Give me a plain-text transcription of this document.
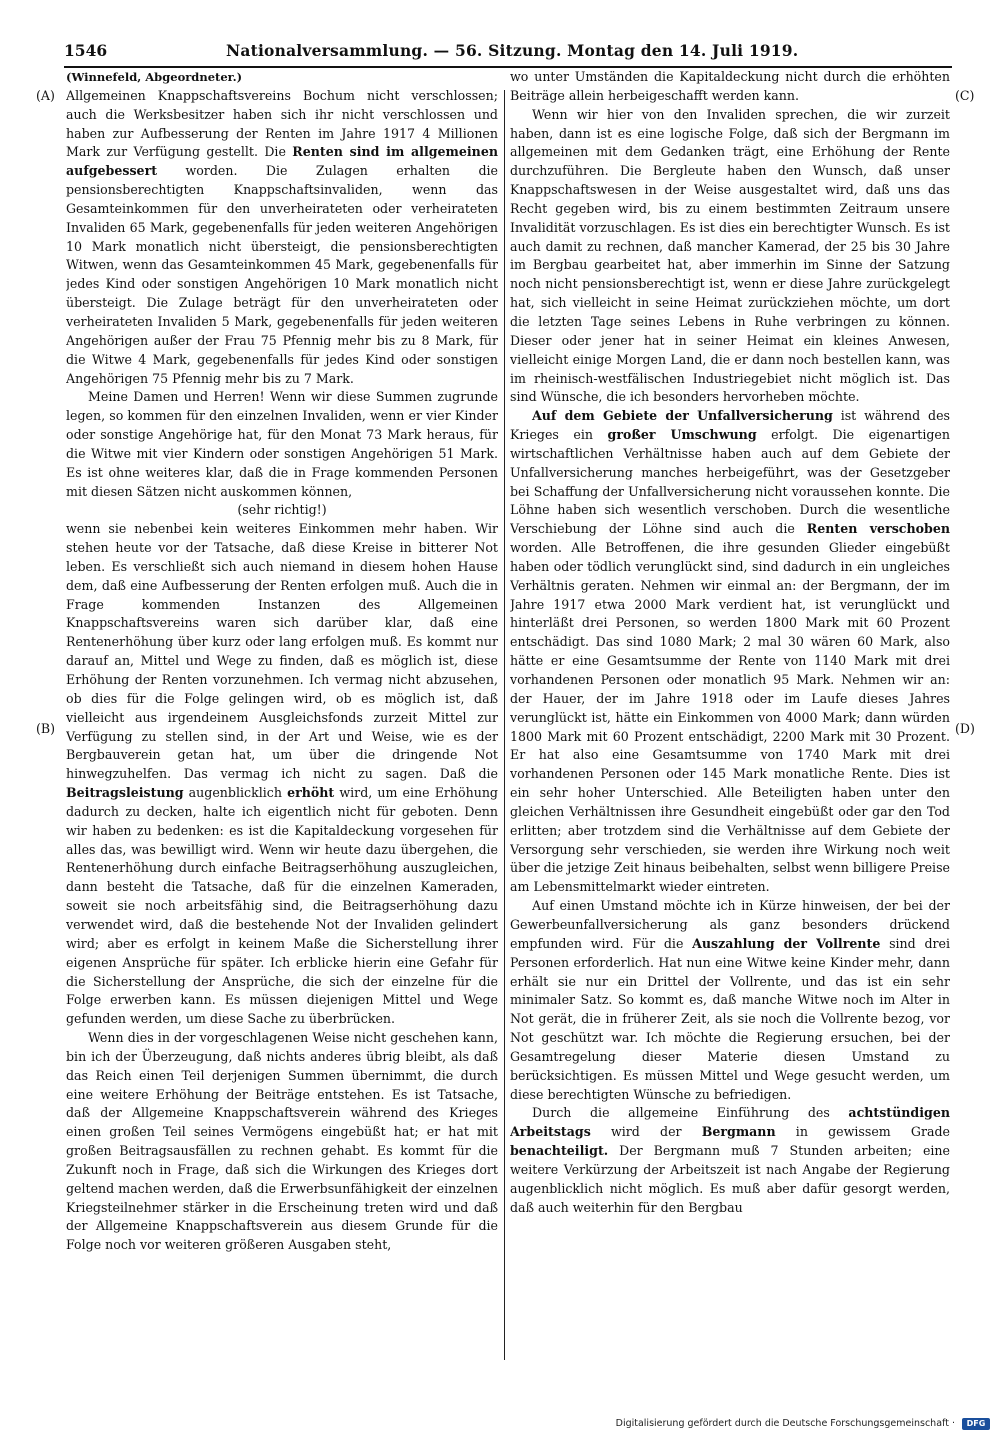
1546	Nationalversammlung. — 56. Sitzung. Montag den 14. Juli 1919.
(A)
(B)
(C)
(D)

(Winnefeld, Abgeordneter.)

Allgemeinen Knappschaftsvereins Bochum nicht verschlossen; auch die Werksbesitzer haben sich ihr nicht verschlossen und haben zur Aufbesserung der Renten im Jahre 1917 4 Millionen Mark zur Verfügung gestellt. Die Renten sind im allgemeinen aufgebessert worden. Die Zulagen erhalten die pensionsberechtigten Knappschaftsinvaliden, wenn das Gesamteinkommen für den unverheirateten oder verheirateten Invaliden 65 Mark, gegebenenfalls für jeden weiteren Angehörigen 10 Mark monatlich nicht übersteigt, die pensionsberechtigten Witwen, wenn das Gesamteinkommen 45 Mark, gegebenenfalls für jedes Kind oder sonstigen Angehörigen 10 Mark monatlich nicht übersteigt. Die Zulage beträgt für den unverheirateten oder verheirateten Invaliden 5 Mark, gegebenenfalls für jeden weiteren Angehörigen außer der Frau 75 Pfennig mehr bis zu 8 Mark, für die Witwe 4 Mark, gegebenenfalls für jedes Kind oder sonstigen Angehörigen 75 Pfennig mehr bis zu 7 Mark.

Meine Damen und Herren! Wenn wir diese Summen zugrunde legen, so kommen für den einzelnen Invaliden, wenn er vier Kinder oder sonstige Angehörige hat, für den Monat 73 Mark heraus, für die Witwe mit vier Kindern oder sonstigen Angehörigen 51 Mark. Es ist ohne weiteres klar, daß die in Frage kommenden Personen mit diesen Sätzen nicht auskommen können,

(sehr richtig!)

wenn sie nebenbei kein weiteres Einkommen mehr haben. Wir stehen heute vor der Tatsache, daß diese Kreise in bitterer Not leben. Es verschließt sich auch niemand in diesem hohen Hause dem, daß eine Aufbesserung der Renten erfolgen muß. Auch die in Frage kommenden Instanzen des Allgemeinen Knappschaftsvereins waren sich darüber klar, daß eine Rentenerhöhung über kurz oder lang erfolgen muß. Es kommt nur darauf an, Mittel und Wege zu finden, daß es möglich ist, diese Erhöhung der Renten vorzunehmen. Ich vermag nicht abzusehen, ob dies für die Folge gelingen wird, ob es möglich ist, daß vielleicht aus irgendeinem Ausgleichsfonds zurzeit Mittel zur Verfügung zu stellen sind, in der Art und Weise, wie es der Bergbauverein getan hat, um über die dringende Not hinwegzuhelfen. Das vermag ich nicht zu sagen. Daß die Beitragsleistung augenblicklich erhöht wird, um eine Erhöhung dadurch zu decken, halte ich eigentlich nicht für geboten. Denn wir haben zu bedenken: es ist die Kapitaldeckung vorgesehen für alles das, was bewilligt wird. Wenn wir heute dazu übergehen, die Rentenerhöhung durch einfache Beitragserhöhung auszugleichen, dann besteht die Tatsache, daß für die einzelnen Kameraden, soweit sie noch arbeitsfähig sind, die Beitragserhöhung dazu verwendet wird, daß die bestehende Not der Invaliden gelindert wird; aber es erfolgt in keinem Maße die Sicherstellung ihrer eigenen Ansprüche für später. Ich erblicke hierin eine Gefahr für die Sicherstellung der Ansprüche, die sich der einzelne für die Folge erwerben kann. Es müssen diejenigen Mittel und Wege gefunden werden, um diese Sache zu überbrücken.

Wenn dies in der vorgeschlagenen Weise nicht geschehen kann, bin ich der Überzeugung, daß nichts anderes übrig bleibt, als daß das Reich einen Teil derjenigen Summen übernimmt, die durch eine weitere Erhöhung der Beiträge entstehen. Es ist Tatsache, daß der Allgemeine Knappschaftsverein während des Krieges einen großen Teil seines Vermögens eingebüßt hat; er hat mit großen Beitragsausfällen zu rechnen gehabt. Es kommt für die Zukunft noch in Frage, daß sich die Wirkungen des Krieges dort geltend machen werden, daß die Erwerbsunfähigkeit der einzelnen Kriegsteilnehmer stärker in die Erscheinung treten wird und daß der Allgemeine Knappschaftsverein aus diesem Grunde für die Folge noch vor weiteren größeren Ausgaben steht,

wo unter Umständen die Kapitaldeckung nicht durch die erhöhten Beiträge allein herbeigeschafft werden kann.

Wenn wir hier von den Invaliden sprechen, die wir zurzeit haben, dann ist es eine logische Folge, daß sich der Bergmann im allgemeinen mit dem Gedanken trägt, eine Erhöhung der Rente durchzuführen. Die Bergleute haben den Wunsch, daß unser Knappschaftswesen in der Weise ausgestaltet wird, daß uns das Recht gegeben wird, bis zu einem bestimmten Zeitraum unsere Invalidität vorzuschlagen. Es ist dies ein berechtigter Wunsch. Es ist auch damit zu rechnen, daß mancher Kamerad, der 25 bis 30 Jahre im Bergbau gearbeitet hat, aber immerhin im Sinne der Satzung noch nicht pensionsberechtigt ist, wenn er diese Jahre zurückgelegt hat, sich vielleicht in seine Heimat zurückziehen möchte, um dort die letzten Tage seines Lebens in Ruhe verbringen zu können. Dieser oder jener hat in seiner Heimat ein kleines Anwesen, vielleicht einige Morgen Land, die er dann noch bestellen kann, was im rheinisch-westfälischen Industriegebiet nicht möglich ist. Das sind Wünsche, die ich besonders hervorheben möchte.

Auf dem Gebiete der Unfallversicherung ist während des Krieges ein großer Umschwung erfolgt. Die eigenartigen wirtschaftlichen Verhältnisse haben auch auf dem Gebiete der Unfallversicherung manches herbeigeführt, was der Gesetzgeber bei Schaffung der Unfallversicherung nicht voraussehen konnte. Die Löhne haben sich wesentlich verschoben. Durch die wesentliche Verschiebung der Löhne sind auch die Renten verschoben worden. Alle Betroffenen, die ihre gesunden Glieder eingebüßt haben oder tödlich verunglückt sind, sind dadurch in ein ungleiches Verhältnis geraten. Nehmen wir einmal an: der Bergmann, der im Jahre 1917 etwa 2000 Mark verdient hat, ist verunglückt und hinterläßt drei Personen, so werden 1800 Mark mit 60 Prozent entschädigt. Das sind 1080 Mark; 2 mal 30 wären 60 Mark, also hätte er eine Gesamtsumme der Rente von 1140 Mark mit drei vorhandenen Personen oder monatlich 95 Mark. Nehmen wir an: der Hauer, der im Jahre 1918 oder im Laufe dieses Jahres verunglückt ist, hätte ein Einkommen von 4000 Mark; dann würden 1800 Mark mit 60 Prozent entschädigt, 2200 Mark mit 30 Prozent. Er hat also eine Gesamtsumme von 1740 Mark mit drei vorhandenen Personen oder 145 Mark monatliche Rente. Dies ist ein sehr hoher Unterschied. Alle Beteiligten haben unter den gleichen Verhältnissen ihre Gesundheit eingebüßt oder gar den Tod erlitten; aber trotzdem sind die Verhältnisse auf dem Gebiete der Versorgung sehr verschieden, sie werden ihre Wirkung noch weit über die jetzige Zeit hinaus beibehalten, selbst wenn billigere Preise am Lebensmittelmarkt wieder eintreten.

Auf einen Umstand möchte ich in Kürze hinweisen, der bei der Gewerbeunfallversicherung als ganz besonders drückend empfunden wird. Für die Auszahlung der Vollrente sind drei Personen erforderlich. Hat nun eine Witwe keine Kinder mehr, dann erhält sie nur ein Drittel der Vollrente, und das ist ein sehr minimaler Satz. So kommt es, daß manche Witwe noch im Alter in Not gerät, die in früherer Zeit, als sie noch die Vollrente bezog, vor Not geschützt war. Ich möchte die Regierung ersuchen, bei der Gesamtregelung dieser Materie diesen Umstand zu berücksichtigen. Es müssen Mittel und Wege gesucht werden, um diese berechtigten Wünsche zu befriedigen.

Durch die allgemeine Einführung des achtstündigen Arbeitstags wird der Bergmann in gewissem Grade benachteiligt. Der Bergmann muß 7 Stunden arbeiten; eine weitere Verkürzung der Arbeitszeit ist nach Angabe der Regierung augenblicklich nicht möglich. Es muß aber dafür gesorgt werden, daß auch weiterhin für den Bergbau

Digitalisierung gefördert durch die Deutsche Forschungsgemeinschaft · DFG
